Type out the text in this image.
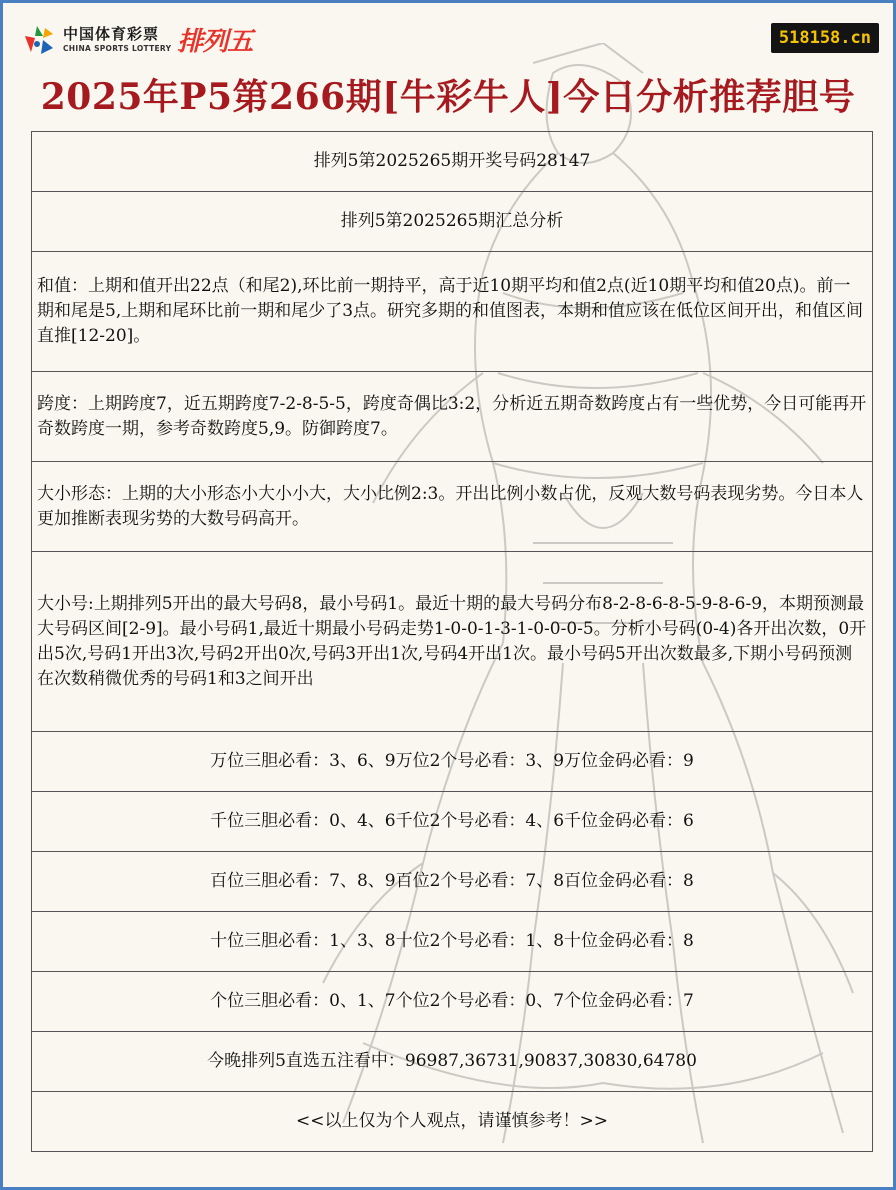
中国体育彩票
CHINA SPORTS LOTTERY 排列五	518158.cn
2025年P5第266期[牛彩牛人]今日分析推荐胆号
排列5第2025265期开奖号码28147
排列5第2025265期汇总分析
和值：上期和值开出22点（和尾2),环比前一期持平，高于近10期平均和值2点(近10期平均和值20点)。前一期和尾是5,上期和尾环比前一期和尾少了3点。研究多期的和值图表，本期和值应该在低位区间开出，和值区间直推[12-20]。
跨度：上期跨度7，近五期跨度7-2-8-5-5，跨度奇偶比3:2，分析近五期奇数跨度占有一些优势，今日可能再开奇数跨度一期，参考奇数跨度5,9。防御跨度7。
大小形态：上期的大小形态小大小小大，大小比例2:3。开出比例小数占优，反观大数号码表现劣势。今日本人更加推断表现劣势的大数号码高开。
大小号:上期排列5开出的最大号码8，最小号码1。最近十期的最大号码分布8-2-8-6-8-5-9-8-6-9，本期预测最大号码区间[2-9]。最小号码1,最近十期最小号码走势1-0-0-1-3-1-0-0-0-5。分析小号码(0-4)各开出次数，0开出5次,号码1开出3次,号码2开出0次,号码3开出1次,号码4开出1次。最小号码5开出次数最多,下期小号码预测在次数稍微优秀的号码1和3之间开出
万位三胆必看：3、6、9万位2个号必看：3、9万位金码必看：9
千位三胆必看：0、4、6千位2个号必看：4、6千位金码必看：6
百位三胆必看：7、8、9百位2个号必看：7、8百位金码必看：8
十位三胆必看：1、3、8十位2个号必看：1、8十位金码必看：8
个位三胆必看：0、1、7个位2个号必看：0、7个位金码必看：7
今晚排列5直选五注看中：96987,36731,90837,30830,64780
<<以上仅为个人观点，请谨慎参考！>>
